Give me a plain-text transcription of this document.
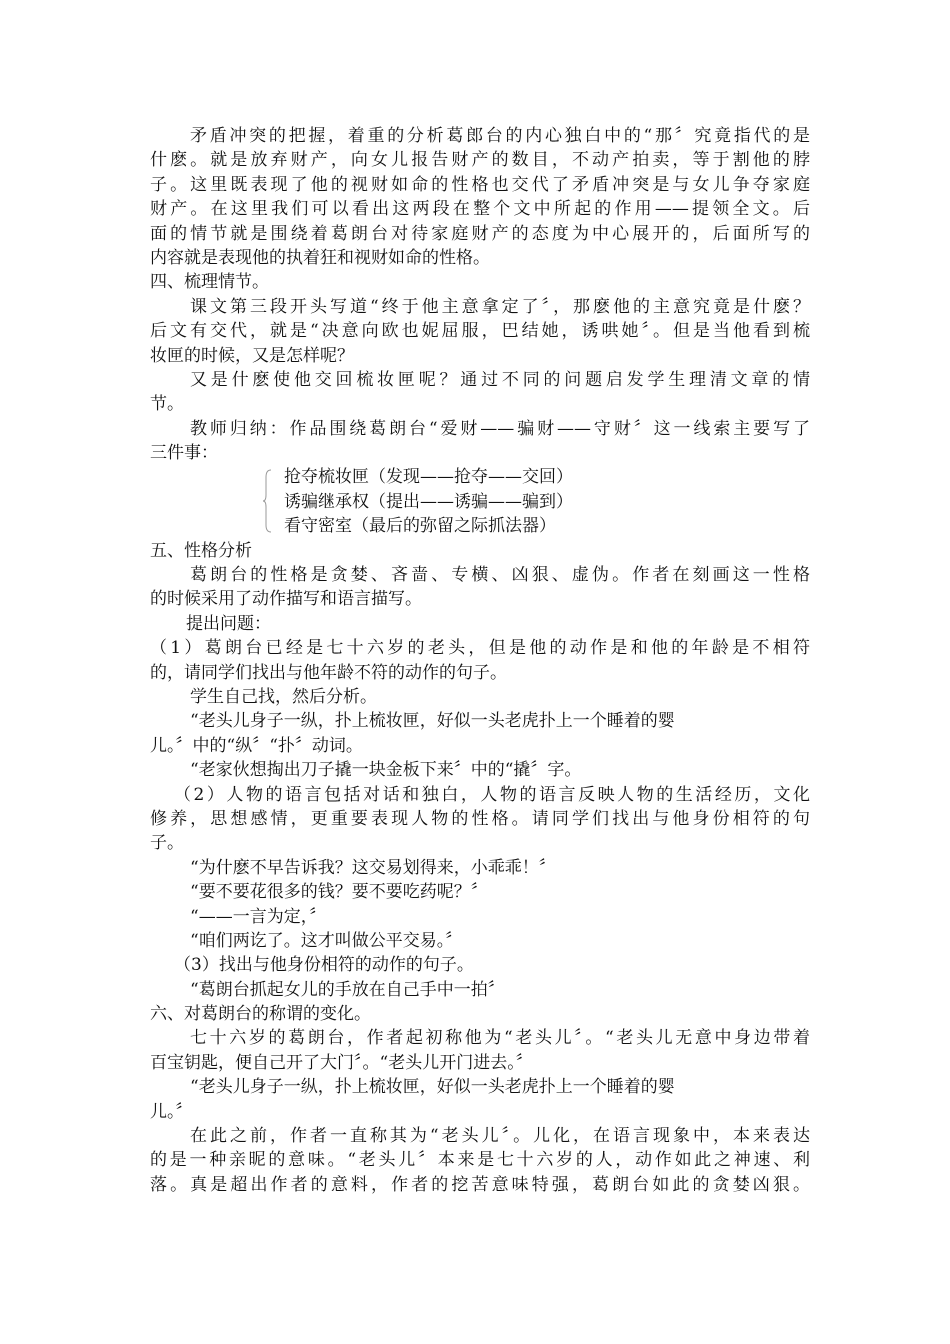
矛盾冲突的把握，着重的分析葛郎台的内心独白中的“那〞究竟指代的是
什麽。就是放弃财产，向女儿报告财产的数目，不动产拍卖，等于割他的脖
子。这里既表现了他的视财如命的性格也交代了矛盾冲突是与女儿争夺家庭
财产。在这里我们可以看出这两段在整个文中所起的作用——提领全文。后
面的情节就是围绕着葛朗台对待家庭财产的态度为中心展开的，后面所写的
内容就是表现他的执着狂和视财如命的性格。
四、梳理情节。
课文第三段开头写道“终于他主意拿定了〞，那麽他的主意究竟是什麽？
后文有交代，就是“决意向欧也妮屈服，巴结她，诱哄她〞。但是当他看到梳
妆匣的时候，又是怎样呢？
又是什麽使他交回梳妆匣呢？通过不同的问题启发学生理清文章的情
节。
教师归纳：作品围绕葛朗台“爱财——骗财——守财〞这一线索主要写了
三件事：
抢夺梳妆匣（发现——抢夺——交回）
诱骗继承权（提出——诱骗——骗到）
看守密室（最后的弥留之际抓法器）
五、性格分析
葛朗台的性格是贪婪、吝啬、专横、凶狠、虚伪。作者在刻画这一性格
的时候采用了动作描写和语言描写。
提出问题：
（1）葛朗台已经是七十六岁的老头，但是他的动作是和他的年龄是不相符
的，请同学们找出与他年龄不符的动作的句子。
学生自己找，然后分析。
“老头儿身子一纵，扑上梳妆匣，好似一头老虎扑上一个睡着的婴
儿。〞中的“纵〞“扑〞动词。
“老家伙想掏出刀子撬一块金板下来〞中的“撬〞字。
（2）人物的语言包括对话和独白，人物的语言反映人物的生活经历，文化
修养，思想感情，更重要表现人物的性格。请同学们找出与他身份相符的句
子。
“为什麽不早告诉我？这交易划得来，小乖乖！〞
“要不要花很多的钱？要不要吃药呢？〞
“——一言为定，〞
“咱们两讫了。这才叫做公平交易。〞
（3）找出与他身份相符的动作的句子。
“葛朗台抓起女儿的手放在自己手中一拍〞
六、对葛朗台的称谓的变化。
七十六岁的葛朗台，作者起初称他为“老头儿〞。“老头儿无意中身边带着
百宝钥匙，便自己开了大门〞。“老头儿开门进去。〞
“老头儿身子一纵，扑上梳妆匣，好似一头老虎扑上一个睡着的婴
儿。〞
在此之前，作者一直称其为“老头儿〞。儿化，在语言现象中，本来表达
的是一种亲昵的意味。“老头儿〞本来是七十六岁的人，动作如此之神速、利
落。真是超出作者的意料，作者的挖苦意味特强，葛朗台如此的贪婪凶狠。
